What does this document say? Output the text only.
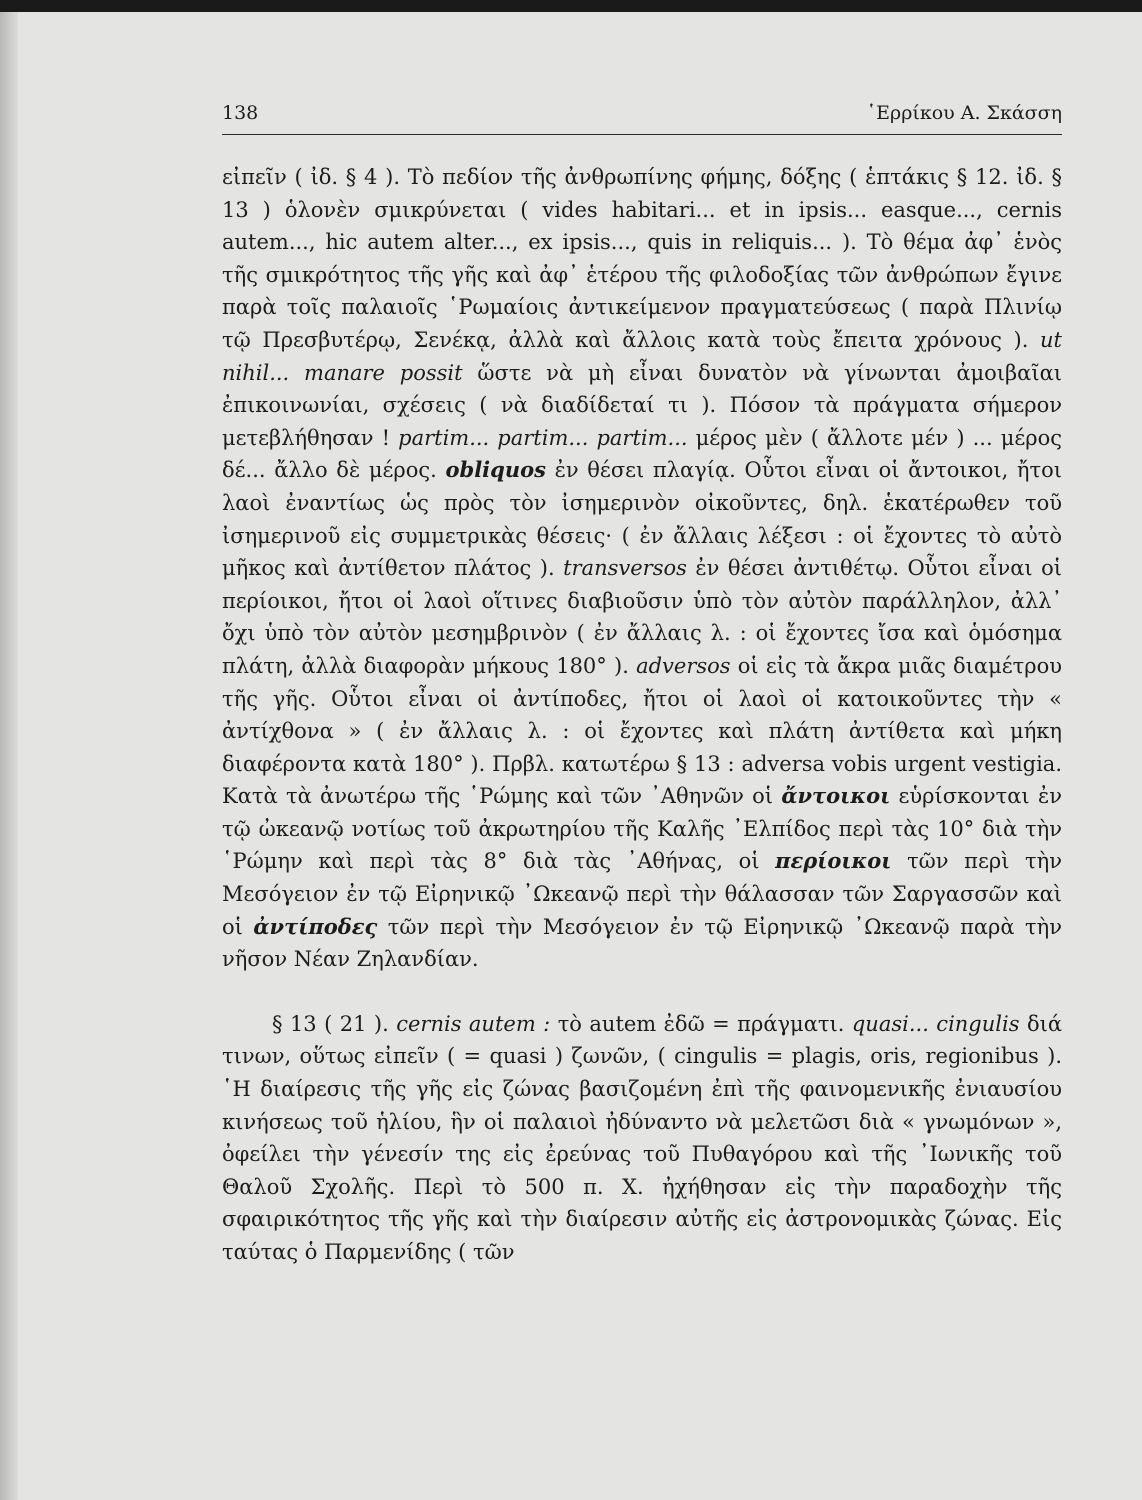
138	῾Ερρίκου Α. Σκάσση

εἰπεῖν ( ἰδ. § 4 ). Τὸ πεδίον τῆς ἀνθρωπίνης φήμης, δόξης ( ἑπτάκις § 12. ἰδ. § 13 ) ὁλονὲν σμικρύνεται ( vides habitari... et in ipsis... easque..., cernis autem..., hic autem alter..., ex ipsis..., quis in reliquis... ). Τὸ θέμα ἀφ᾽ ἑνὸς τῆς σμικρότητος τῆς γῆς καὶ ἀφ᾽ ἑτέρου τῆς φιλοδοξίας τῶν ἀνθρώπων ἔγινε παρὰ τοῖς παλαιοῖς ῾Ρωμαίοις ἀντικείμενον πραγματεύσεως ( παρὰ Πλινίῳ τῷ Πρεσβυτέρῳ, Σενέκᾳ, ἀλλὰ καὶ ἄλλοις κατὰ τοὺς ἔπειτα χρόνους ). ut nihil... manare possit ὥστε νὰ μὴ εἶναι δυνατὸν νὰ γίνωνται ἀμοιβαῖαι ἐπικοινωνίαι, σχέσεις ( νὰ διαδίδεταί τι ). Πόσον τὰ πράγματα σήμερον μετεβλήθησαν ! partim... partim... partim... μέρος μὲν ( ἄλλοτε μέν ) ... μέρος δέ... ἄλλο δὲ μέρος. obliquos ἐν θέσει πλαγίᾳ. Οὗτοι εἶναι οἱ ἄντοικοι, ἤτοι λαοὶ ἐναντίως ὡς πρὸς τὸν ἰσημερινὸν οἰκοῦντες, δηλ. ἑκατέρωθεν τοῦ ἰσημερινοῦ εἰς συμμετρικὰς θέσεις· ( ἐν ἄλλαις λέξεσι : οἱ ἔχοντες τὸ αὐτὸ μῆκος καὶ ἀντίθετον πλάτος ). transversos ἐν θέσει ἀντιθέτῳ. Οὗτοι εἶναι οἱ περίοικοι, ἤτοι οἱ λαοὶ οἵτινες διαβιοῦσιν ὑπὸ τὸν αὐτὸν παράλληλον, ἀλλ᾽ ὄχι ὑπὸ τὸν αὐτὸν μεσημβρινὸν ( ἐν ἄλλαις λ. : οἱ ἔχοντες ἴσα καὶ ὁμόσημα πλάτη, ἀλλὰ διαφορὰν μήκους 180° ). adversos οἱ εἰς τὰ ἄκρα μιᾶς διαμέτρου τῆς γῆς. Οὗτοι εἶναι οἱ ἀντίποδες, ἤτοι οἱ λαοὶ οἱ κατοικοῦντες τὴν « ἀντίχθονα » ( ἐν ἄλλαις λ. : οἱ ἔχοντες καὶ πλάτη ἀντίθετα καὶ μήκη διαφέροντα κατὰ 180° ). Πρβλ. κατωτέρω § 13 : adversa vobis urgent vestigia. Κατὰ τὰ ἀνωτέρω τῆς ῾Ρώμης καὶ τῶν ᾽Αθηνῶν οἱ ἄντοικοι εὑρίσκονται ἐν τῷ ὠκεανῷ νοτίως τοῦ ἀκρωτηρίου τῆς Καλῆς ᾽Ελπίδος περὶ τὰς 10° διὰ τὴν ῾Ρώμην καὶ περὶ τὰς 8° διὰ τὰς ᾽Αθήνας, οἱ περίοικοι τῶν περὶ τὴν Μεσόγειον ἐν τῷ Εἰρηνικῷ ᾽Ωκεανῷ περὶ τὴν θάλασσαν τῶν Σαργασσῶν καὶ οἱ ἀντίποδες τῶν περὶ τὴν Μεσόγειον ἐν τῷ Εἰρηνικῷ ᾽Ωκεανῷ παρὰ τὴν νῆσον Νέαν Ζηλανδίαν.

§ 13 ( 21 ). cernis autem : τὸ autem ἐδῶ = πράγματι. quasi... cingulis διά τινων, οὕτως εἰπεῖν ( = quasi ) ζωνῶν, ( cingulis = plagis, oris, regionibus ). ῾Η διαίρεσις τῆς γῆς εἰς ζώνας βασιζομένη ἐπὶ τῆς φαινομενικῆς ἐνιαυσίου κινήσεως τοῦ ἡλίου, ἣν οἱ παλαιοὶ ἠδύναντο νὰ μελετῶσι διὰ « γνωμόνων », ὀφείλει τὴν γένεσίν της εἰς ἐρεύνας τοῦ Πυθαγόρου καὶ τῆς ᾽Ιωνικῆς τοῦ Θαλοῦ Σχολῆς. Περὶ τὸ 500 π. Χ. ἠχήθησαν εἰς τὴν παραδοχὴν τῆς σφαιρικότητος τῆς γῆς καὶ τὴν διαίρεσιν αὐτῆς εἰς ἀστρονομικὰς ζώνας. Εἰς ταύτας ὁ Παρμενίδης ( τῶν
